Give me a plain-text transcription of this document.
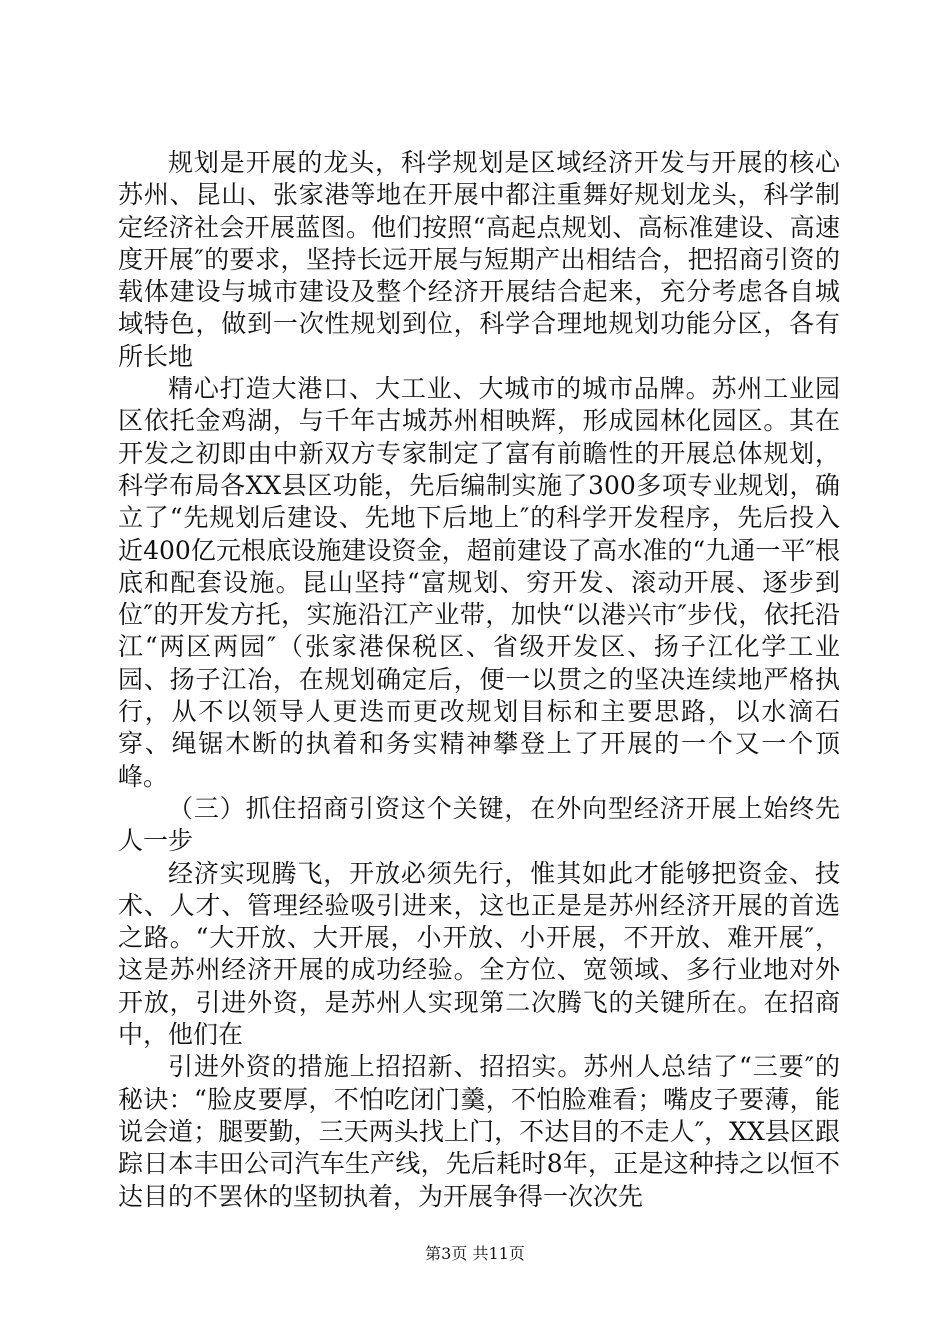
规划是开展的龙头，科学规划是区域经济开发与开展的核心苏州、昆山、张家港等地在开展中都注重舞好规划龙头，科学制定经济社会开展蓝图。他们按照“高起点规划、高标准建设、高速度开展″的要求，坚持长远开展与短期产出相结合，把招商引资的载体建设与城市建设及整个经济开展结合起来，充分考虑各自城域特色，做到一次性规划到位，科学合理地规划功能分区，各有所长地

精心打造大港口、大工业、大城市的城市品牌。苏州工业园区依托金鸡湖，与千年古城苏州相映辉，形成园林化园区。其在开发之初即由中新双方专家制定了富有前瞻性的开展总体规划，科学布局各XX县区功能，先后编制实施了300多项专业规划，确立了“先规划后建设、先地下后地上″的科学开发程序，先后投入近400亿元根底设施建设资金，超前建设了高水准的“九通一平″根底和配套设施。昆山坚持“富规划、穷开发、滚动开展、逐步到位″的开发方托，实施沿江产业带，加快“以港兴市″步伐，依托沿江“两区两园″（张家港保税区、省级开发区、扬子江化学工业园、扬子江冶，在规划确定后，便一以贯之的坚决连续地严格执行，从不以领导人更迭而更改规划目标和主要思路，以水滴石穿、绳锯木断的执着和务实精神攀登上了开展的一个又一个顶峰。

（三）抓住招商引资这个关键，在外向型经济开展上始终先人一步

经济实现腾飞，开放必须先行，惟其如此才能够把资金、技术、人才、管理经验吸引进来，这也正是是苏州经济开展的首选之路。“大开放、大开展，小开放、小开展，不开放、难开展″，这是苏州经济开展的成功经验。全方位、宽领域、多行业地对外开放，引进外资，是苏州人实现第二次腾飞的关键所在。在招商中，他们在

引进外资的措施上招招新、招招实。苏州人总结了“三要″的秘诀：“脸皮要厚，不怕吃闭门羹，不怕脸难看；嘴皮子要薄，能说会道；腿要勤，三天两头找上门，不达目的不走人″，XX县区跟踪日本丰田公司汽车生产线，先后耗时8年，正是这种持之以恒不达目的不罢休的坚韧执着，为开展争得一次次先

第3页 共11页
